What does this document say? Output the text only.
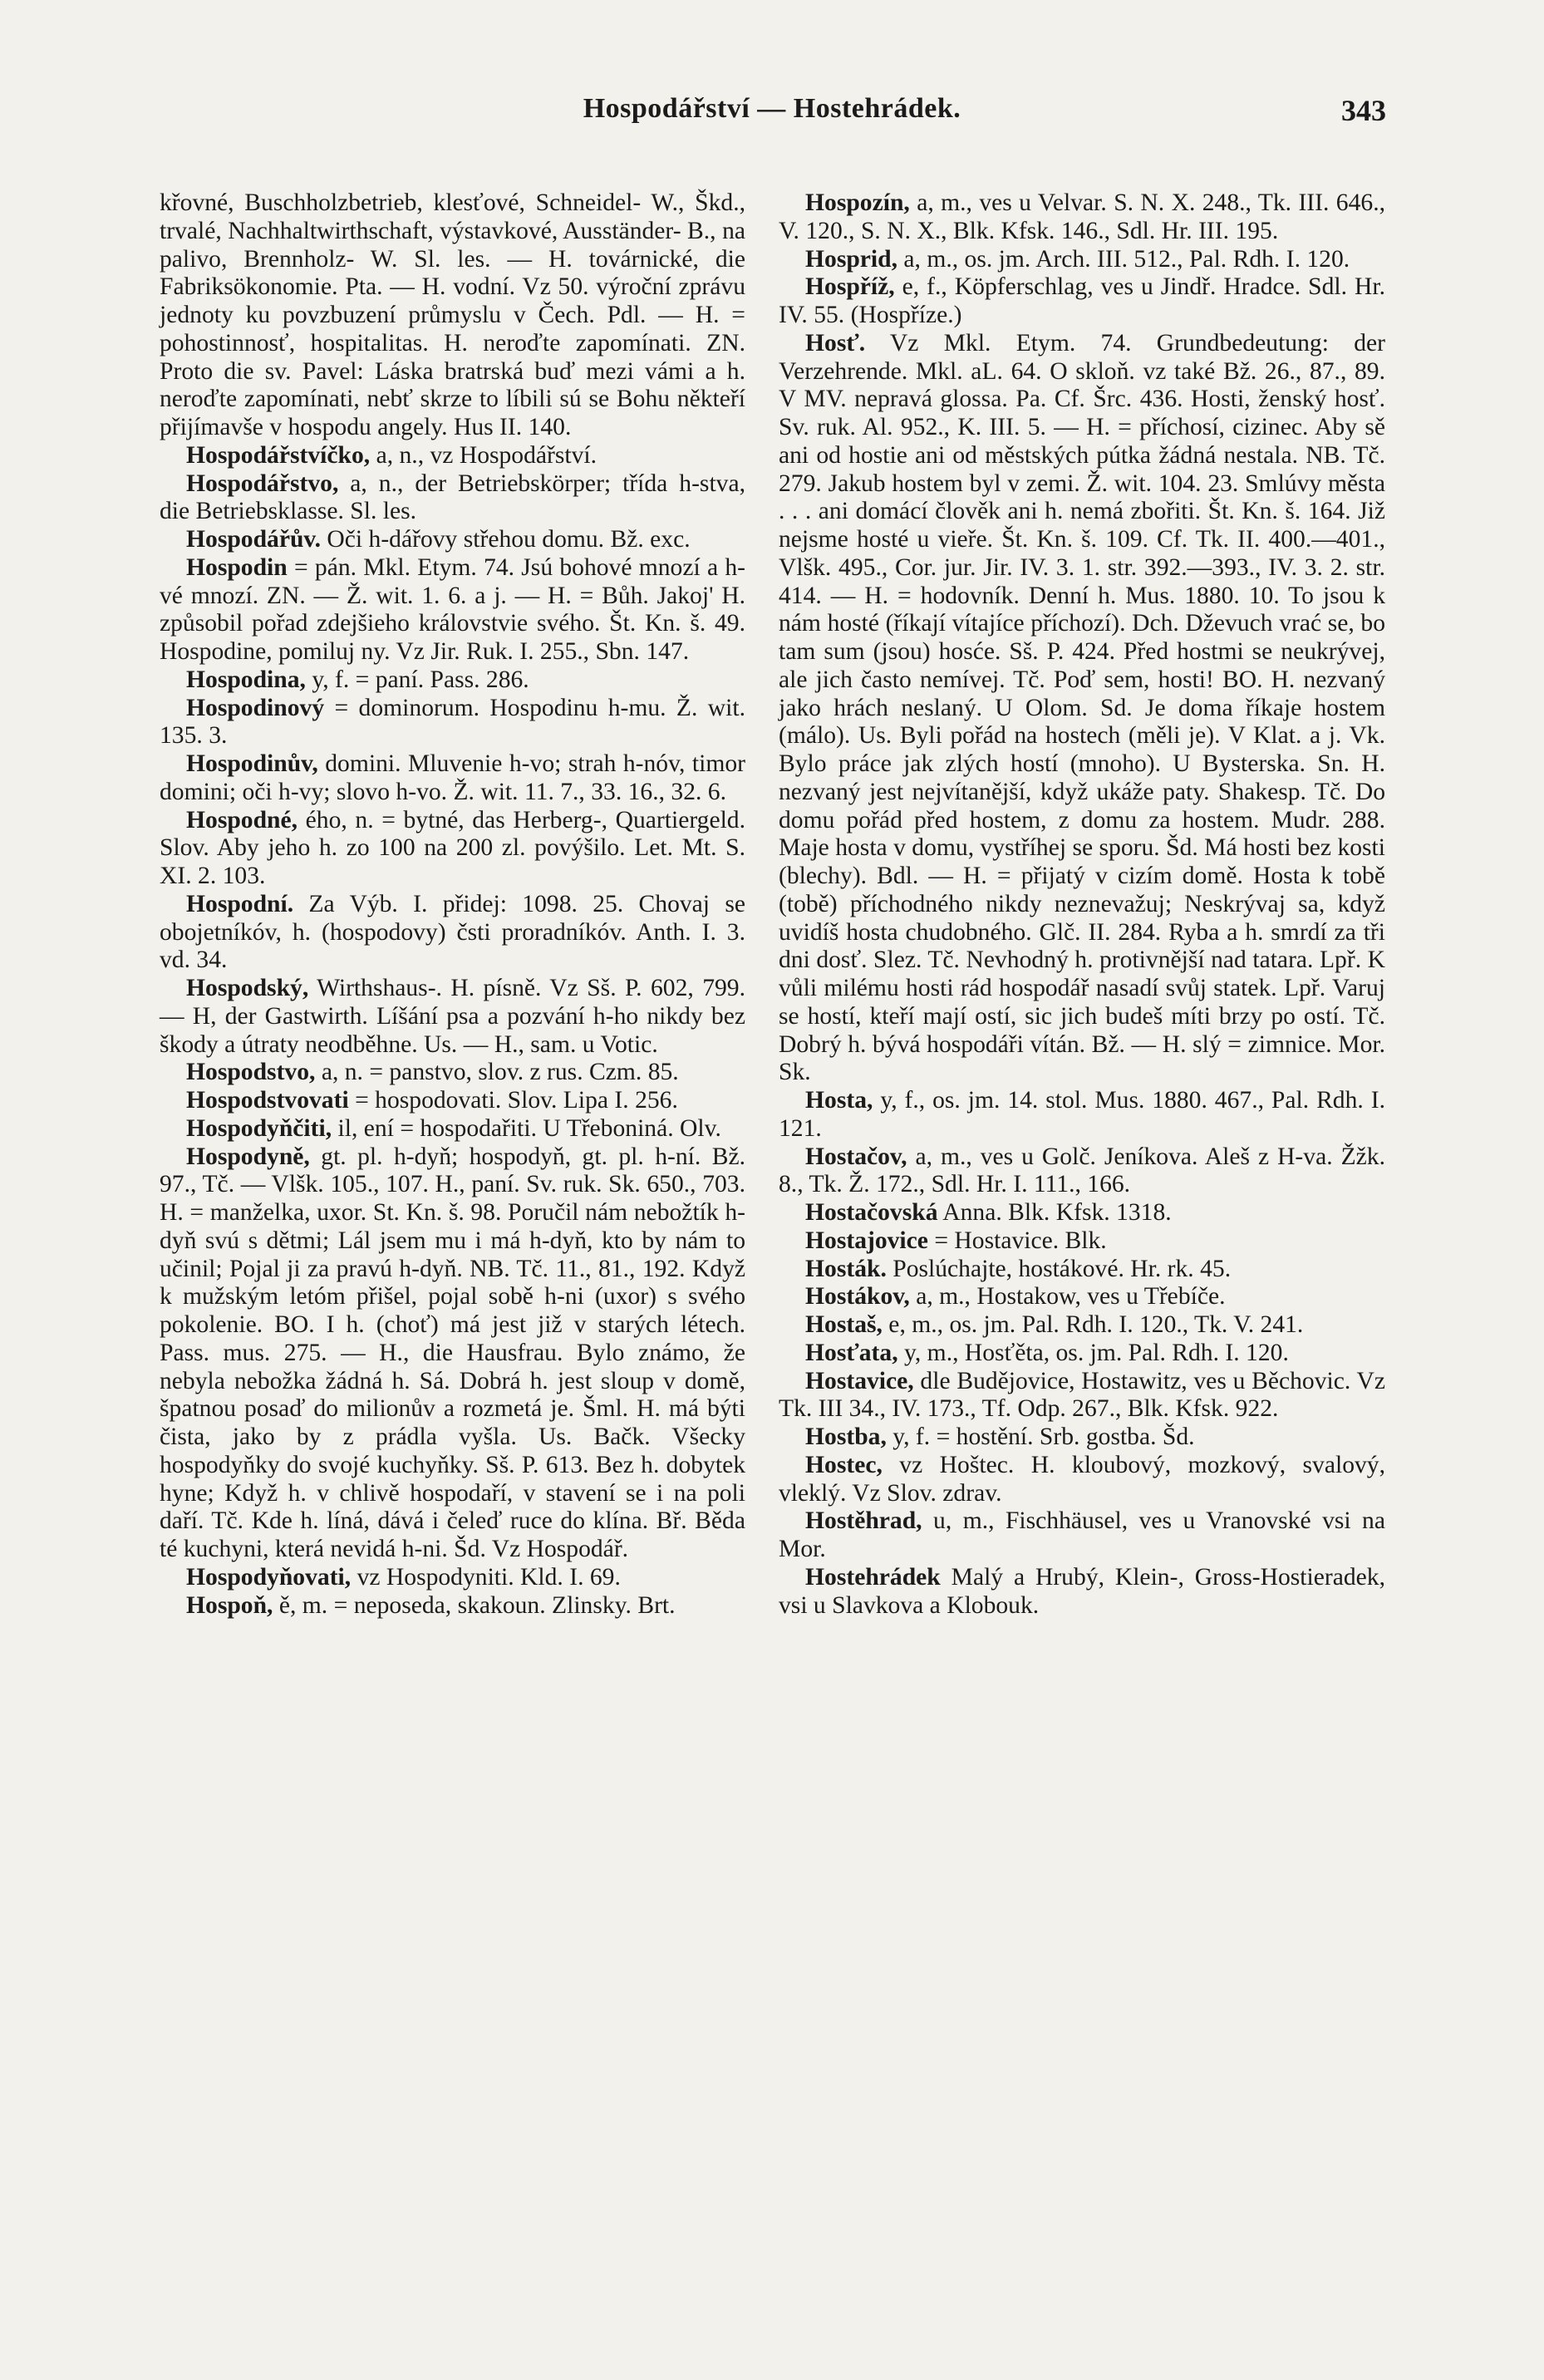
Hospodářství — Hostehrádek.	343

křovné, Buschholzbetrieb, klesťové, Schneidel- W., Škd., trvalé, Nachhaltwirthschaft, výstavkové, Ausständer- B., na palivo, Brennholz- W. Sl. les. — H. továrnické, die Fabriksökonomie. Pta. — H. vodní. Vz 50. výroční zprávu jednoty ku povzbuzení průmyslu v Čech. Pdl. — H. = pohostinnosť, hospitalitas. H. neroďte zapomínati. ZN. Proto die sv. Pavel: Láska bratrská buď mezi vámi a h. neroďte zapomínati, nebť skrze to líbili sú se Bohu někteří přijímavše v hospodu angely. Hus II. 140.

Hospodářstvíčko, a, n., vz Hospodářství.

Hospodářstvo, a, n., der Betriebskörper; třída h-stva, die Betriebsklasse. Sl. les.

Hospodářův. Oči h-dářovy střehou domu. Bž. exc.

Hospodin = pán. Mkl. Etym. 74. Jsú bohové mnozí a h-vé mnozí. ZN. — Ž. wit. 1. 6. a j. — H. = Bůh. Jakoj' H. způsobil pořad zdejšieho královstvie svého. Št. Kn. š. 49. Hospodine, pomiluj ny. Vz Jir. Ruk. I. 255., Sbn. 147.

Hospodina, y, f. = paní. Pass. 286.

Hospodinový = dominorum. Hospodinu h-mu. Ž. wit. 135. 3.

Hospodinův, domini. Mluvenie h-vo; strah h-nóv, timor domini; oči h-vy; slovo h-vo. Ž. wit. 11. 7., 33. 16., 32. 6.

Hospodné, ého, n. = bytné, das Herberg-, Quartiergeld. Slov. Aby jeho h. zo 100 na 200 zl. povýšilo. Let. Mt. S. XI. 2. 103.

Hospodní. Za Výb. I. přidej: 1098. 25. Chovaj se obojetníkóv, h. (hospodovy) čsti proradníkóv. Anth. I. 3. vd. 34.

Hospodský, Wirthshaus-. H. písně. Vz Sš. P. 602, 799. — H, der Gastwirth. Líšání psa a pozvání h-ho nikdy bez škody a útraty neodběhne. Us. — H., sam. u Votic.

Hospodstvo, a, n. = panstvo, slov. z rus. Czm. 85.

Hospodstvovati = hospodovati. Slov. Lipa I. 256.

Hospodyňčiti, il, ení = hospodařiti. U Třeboniná. Olv.

Hospodyně, gt. pl. h-dyň; hospodyň, gt. pl. h-ní. Bž. 97., Tč. — Vlšk. 105., 107. H., paní. Sv. ruk. Sk. 650., 703. H. = manželka, uxor. St. Kn. š. 98. Poručil nám nebožtík h-dyň svú s dětmi; Lál jsem mu i má h-dyň, kto by nám to učinil; Pojal ji za pravú h-dyň. NB. Tč. 11., 81., 192. Když k mužským letóm přišel, pojal sobě h-ni (uxor) s svého pokolenie. BO. I h. (choť) má jest již v starých létech. Pass. mus. 275. — H., die Hausfrau. Bylo známo, že nebyla nebožka žádná h. Sá. Dobrá h. jest sloup v domě, špatnou posaď do milionův a rozmetá je. Šml. H. má býti čista, jako by z prádla vyšla. Us. Bačk. Všecky hospodyňky do svojé kuchyňky. Sš. P. 613. Bez h. dobytek hyne; Když h. v chlivě hospodaří, v stavení se i na poli daří. Tč. Kde h. líná, dává i čeleď ruce do klína. Bř. Běda té kuchyni, která nevidá h-ni. Šd. Vz Hospodář.

Hospodyňovati, vz Hospodyniti. Kld. I. 69.

Hospoň, ě, m. = neposeda, skakoun. Zlinsky. Brt.

Hospozín, a, m., ves u Velvar. S. N. X. 248., Tk. III. 646., V. 120., S. N. X., Blk. Kfsk. 146., Sdl. Hr. III. 195.

Hosprid, a, m., os. jm. Arch. III. 512., Pal. Rdh. I. 120.

Hospříž, e, f., Köpferschlag, ves u Jindř. Hradce. Sdl. Hr. IV. 55. (Hospříze.)

Hosť. Vz Mkl. Etym. 74. Grundbedeutung: der Verzehrende. Mkl. aL. 64. O skloň. vz také Bž. 26., 87., 89. V MV. nepravá glossa. Pa. Cf. Šrc. 436. Hosti, ženský hosť. Sv. ruk. Al. 952., K. III. 5. — H. = příchosí, cizinec. Aby sě ani od hostie ani od městských pútka žádná nestala. NB. Tč. 279. Jakub hostem byl v zemi. Ž. wit. 104. 23. Smlúvy města . . . ani domácí člověk ani h. nemá zbořiti. Št. Kn. š. 164. Již nejsme hosté u vieře. Št. Kn. š. 109. Cf. Tk. II. 400.—401., Vlšk. 495., Cor. jur. Jir. IV. 3. 1. str. 392.—393., IV. 3. 2. str. 414. — H. = hodovník. Denní h. Mus. 1880. 10. To jsou k nám hosté (říkají vítajíce příchozí). Dch. Dževuch vrać se, bo tam sum (jsou) hosće. Sš. P. 424. Před hostmi se neukrývej, ale jich často nemívej. Tč. Poď sem, hosti! BO. H. nezvaný jako hrách neslaný. U Olom. Sd. Je doma říkaje hostem (málo). Us. Byli pořád na hostech (měli je). V Klat. a j. Vk. Bylo práce jak zlých hostí (mnoho). U Bysterska. Sn. H. nezvaný jest nejvítanější, když ukáže paty. Shakesp. Tč. Do domu pořád před hostem, z domu za hostem. Mudr. 288. Maje hosta v domu, vystříhej se sporu. Šd. Má hosti bez kosti (blechy). Bdl. — H. = přijatý v cizím domě. Hosta k tobě (tobě) příchodného nikdy neznevažuj; Neskrývaj sa, když uvidíš hosta chudobného. Glč. II. 284. Ryba a h. smrdí za tři dni dosť. Slez. Tč. Nevhodný h. protivnější nad tatara. Lpř. K vůli milému hosti rád hospodář nasadí svůj statek. Lpř. Varuj se hostí, kteří mají ostí, sic jich budeš míti brzy po ostí. Tč. Dobrý h. bývá hospodáři vítán. Bž. — H. slý = zimnice. Mor. Sk.

Hosta, y, f., os. jm. 14. stol. Mus. 1880. 467., Pal. Rdh. I. 121.

Hostačov, a, m., ves u Golč. Jeníkova. Aleš z H-va. Žžk. 8., Tk. Ž. 172., Sdl. Hr. I. 111., 166.

Hostačovská Anna. Blk. Kfsk. 1318.

Hostajovice = Hostavice. Blk.

Hosták. Poslúchajte, hostákové. Hr. rk. 45.

Hostákov, a, m., Hostakow, ves u Třebíče.

Hostaš, e, m., os. jm. Pal. Rdh. I. 120., Tk. V. 241.

Hosťata, y, m., Hosťěta, os. jm. Pal. Rdh. I. 120.

Hostavice, dle Budějovice, Hostawitz, ves u Běchovic. Vz Tk. III 34., IV. 173., Tf. Odp. 267., Blk. Kfsk. 922.

Hostba, y, f. = hostění. Srb. gostba. Šd.

Hostec, vz Hoštec. H. kloubový, mozkový, svalový, vleklý. Vz Slov. zdrav.

Hostěhrad, u, m., Fischhäusel, ves u Vranovské vsi na Mor.

Hostehrádek Malý a Hrubý, Klein-, Gross-Hostieradek, vsi u Slavkova a Klobouk.
